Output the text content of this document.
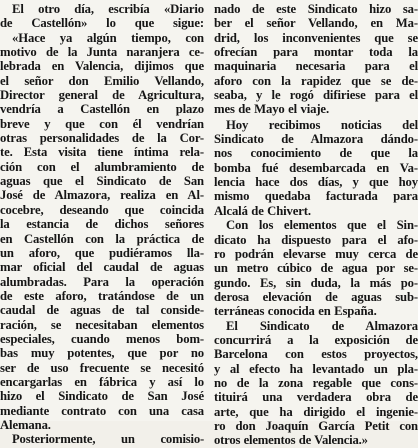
El otro día, escribía «Diario
de Castellón» lo que sigue:
«Hace ya algún tiempo, con
motivo de la Junta naranjera ce-
lebrada en Valencia, dijimos que
el señor don Emilio Vellando,
Director general de Agricultura,
vendría a Castellón en plazo
breve y que con él vendrían
otras personalidades de la Cor-
te. Esta visita tiene íntima rela-
ción con el alumbramiento de
aguas que el Sindicato de San
José de Almazora, realiza en Al-
cocebre, deseando que coincida
la estancia de dichos señores
en Castellón con la práctica de
un aforo, que pudiéramos lla-
mar oficial del caudal de aguas
alumbradas. Para la operación
de este aforo, tratándose de un
caudal de aguas de tal conside-
ración, se necesitaban elementos
especiales, cuando menos bom-
bas muy potentes, que por no
ser de uso frecuente se necesitó
encargarlas en fábrica y así lo
hizo el Sindicato de San José
mediante contrato con una casa
Alemana.
Posteriormente, un comisio-
nado de este Sindicato hizo sa-
ber el señor Vellando, en Ma-
drid, los inconvenientes que se
ofrecían para montar toda la
maquinaria necesaria para el
aforo con la rapidez que se de-
seaba, y le rogó difiriese para el
mes de Mayo el viaje.
Hoy recibimos noticias del
Sindicato de Almazora dándo-
nos conocimiento de que la
bomba fué desembarcada en Va-
lencia hace dos días, y que hoy
mismo quedaba facturada para
Alcalá de Chivert.
Con los elementos que el Sin-
dicato ha dispuesto para el afo-
ro podrán elevarse muy cerca de
un metro cúbico de agua por se-
gundo. Es, sin duda, la más po-
derosa elevación de aguas sub-
terráneas conocida en España.
El Sindicato de Almazora
concurrirá a la exposición de
Barcelona con estos proyectos,
y al efecto ha levantado un pla-
no de la zona regable que cons-
tituirá una verdadera obra de
arte, que ha dirigido el ingenie-
ro don Joaquín García Petit con
otros elementos de Valencia.»
